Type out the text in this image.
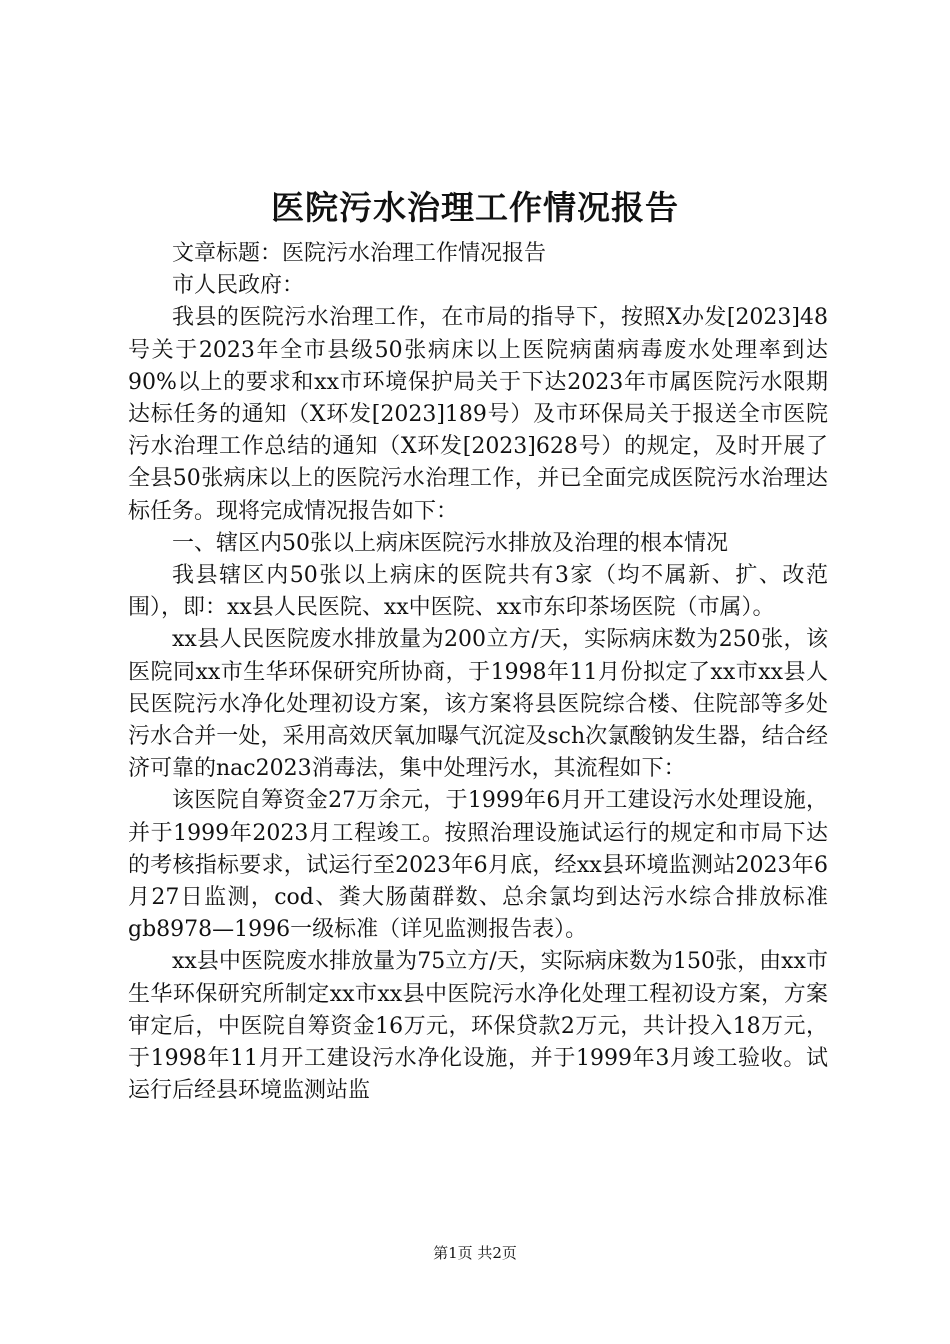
医院污水治理工作情况报告

文章标题：医院污水治理工作情况报告

市人民政府：

我县的医院污水治理工作，在市局的指导下，按照X办发[2023]48号关于2023年全市县级50张病床以上医院病菌病毒废水处理率到达90%以上的要求和xx市环境保护局关于下达2023年市属医院污水限期达标任务的通知（X环发[2023]189号）及市环保局关于报送全市医院污水治理工作总结的通知（X环发[2023]628号）的规定，及时开展了全县50张病床以上的医院污水治理工作，并已全面完成医院污水治理达标任务。现将完成情况报告如下：

一、辖区内50张以上病床医院污水排放及治理的根本情况

我县辖区内50张以上病床的医院共有3家（均不属新、扩、改范围），即：xx县人民医院、xx中医院、xx市东印茶场医院（市属）。

xx县人民医院废水排放量为200立方/天，实际病床数为250张，该医院同xx市生华环保研究所协商，于1998年11月份拟定了xx市xx县人民医院污水净化处理初设方案，该方案将县医院综合楼、住院部等多处污水合并一处，采用高效厌氧加曝气沉淀及sch次氯酸钠发生器，结合经济可靠的nac2023消毒法，集中处理污水，其流程如下：

该医院自筹资金27万余元，于1999年6月开工建设污水处理设施，并于1999年2023月工程竣工。按照治理设施试运行的规定和市局下达的考核指标要求，试运行至2023年6月底，经xx县环境监测站2023年6月27日监测，cod、粪大肠菌群数、总余氯均到达污水综合排放标准gb8978—1996一级标准（详见监测报告表）。

xx县中医院废水排放量为75立方/天，实际病床数为150张，由xx市生华环保研究所制定xx市xx县中医院污水净化处理工程初设方案，方案审定后，中医院自筹资金16万元，环保贷款2万元，共计投入18万元，于1998年11月开工建设污水净化设施，并于1999年3月竣工验收。试运行后经县环境监测站监

第1页 共2页
